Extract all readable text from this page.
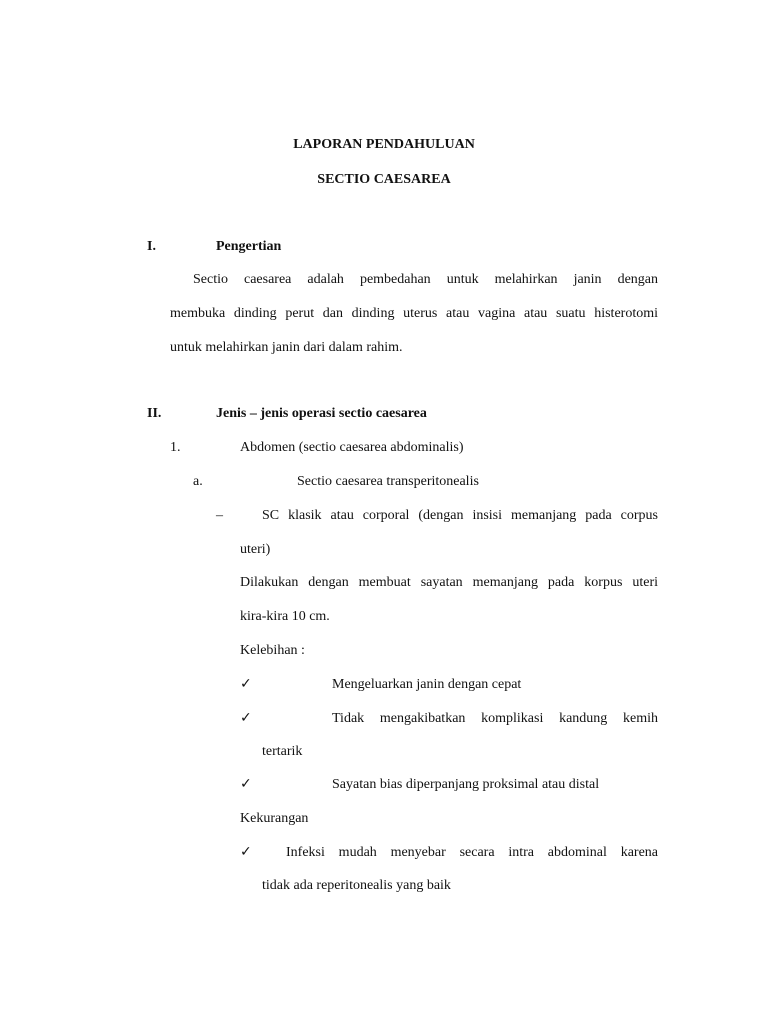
LAPORAN PENDAHULUAN
SECTIO CAESAREA
I.	Pengertian
Sectio caesarea adalah pembedahan untuk melahirkan janin dengan
membuka dinding perut dan dinding uterus atau vagina atau suatu histerotomi
untuk melahirkan janin dari dalam rahim.
II.	Jenis – jenis operasi sectio caesarea
1.	Abdomen (sectio caesarea abdominalis)
a.	Sectio caesarea transperitonealis
–	SC klasik atau corporal (dengan insisi memanjang pada corpus
uteri)
Dilakukan dengan membuat sayatan memanjang pada korpus uteri
kira-kira 10 cm.
Kelebihan :
✓	Mengeluarkan janin dengan cepat
✓	Tidak mengakibatkan komplikasi kandung kemih
tertarik
✓	Sayatan bias diperpanjang proksimal atau distal
Kekurangan
✓ Infeksi mudah menyebar secara intra abdominal karena
tidak ada reperitonealis yang baik
